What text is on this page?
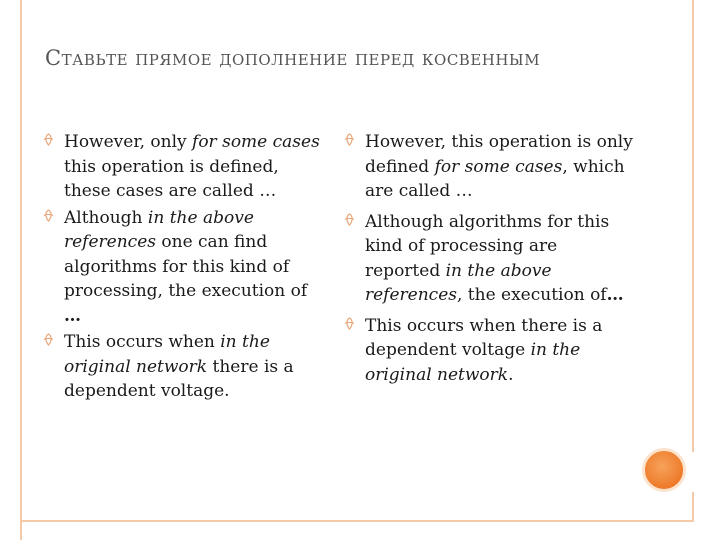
Ставьте прямое дополнение перед косвенным
However, only for some cases this operation is defined, these cases are called …
Although in the above references one can find algorithms for this kind of processing, the execution of …
This occurs when in the original network there is a dependent voltage.
However, this operation is only defined for some cases, which are called …
Although algorithms for this kind of processing are reported in the above references, the execution of…
This occurs when there is a dependent voltage in the original network.
